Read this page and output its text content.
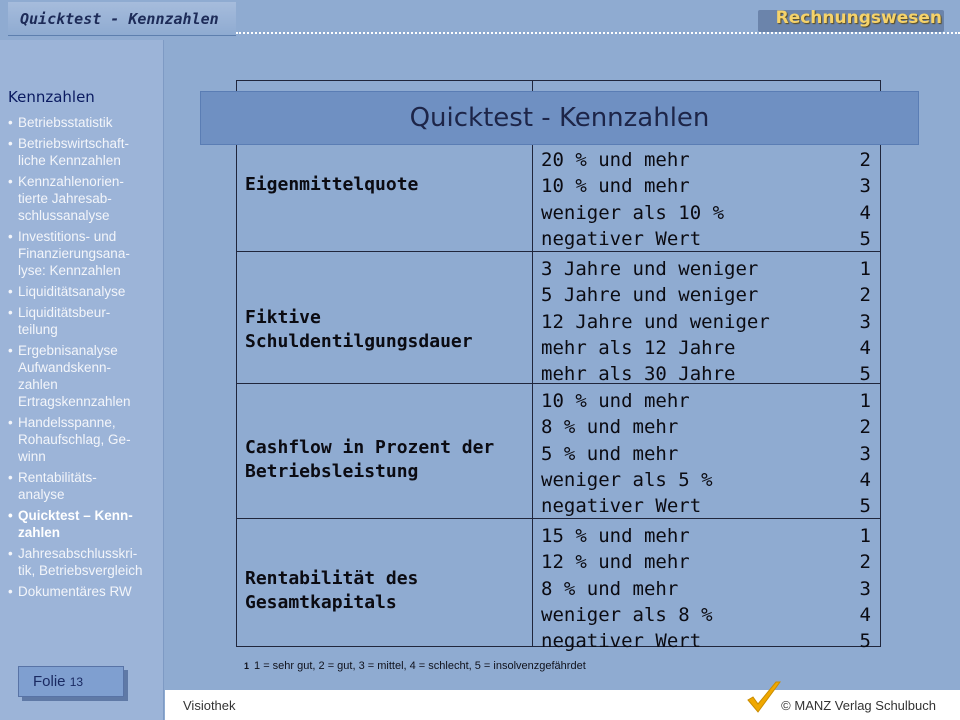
Quicktest - Kennzahlen	Rechnungswesen
Kennzahlen
• Betriebsstatistik
• Betriebswirtschaft-
liche Kennzahlen
• Kennzahlenorien-
tierte Jahresab-
schlussanalyse
• Investitions- und
Finanzierungsana-
lyse: Kennzahlen
• Liquiditätsanalyse
• Liquiditätsbeur-
teilung
• Ergebnisanalyse
Aufwandskenn-
zahlen
Ertragskennzahlen
• Handelsspanne,
Rohaufschlag, Ge-
winn
• Rentabilitäts-
analyse
• Quicktest – Kenn-
zahlen
• Jahresabschlusskri-
tik, Betriebsvergleich
• Dokumentäres RW
Folie 13
Eigenmittelquote
20 % und mehr	2
10 % und mehr	3
weniger als 10 %	4
negativer Wert	5
Fiktive
Schuldentilgungsdauer
3 Jahre und weniger	1
5 Jahre und weniger	2
12 Jahre und weniger	3
mehr als 12 Jahre	4
mehr als 30 Jahre	5
Cashflow in Prozent der
Betriebsleistung
10 % und mehr	1
8 % und mehr	2
5 % und mehr	3
weniger als 5 %	4
negativer Wert	5
Rentabilität des
Gesamtkapitals
15 % und mehr	1
12 % und mehr	2
8 % und mehr	3
weniger als 8 %	4
negativer Wert	5
Quicktest - Kennzahlen
1 1 = sehr gut, 2 = gut, 3 = mittel, 4 = schlecht, 5 = insolvenzgefährdet
Visiothek	© MANZ Verlag Schulbuch
